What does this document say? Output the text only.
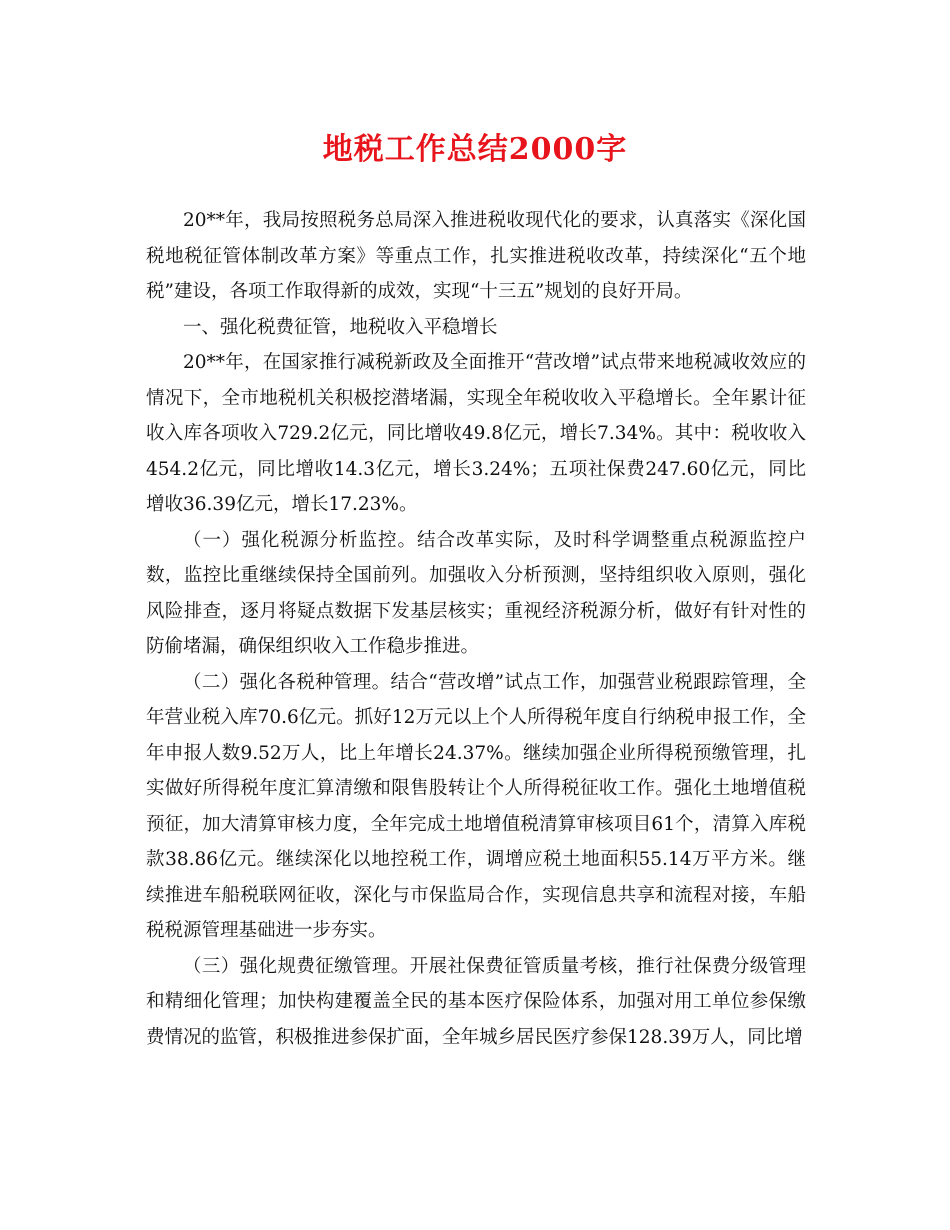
地税工作总结2000字

20**年，我局按照税务总局深入推进税收现代化的要求，认真落实《深化国税地税征管体制改革方案》等重点工作，扎实推进税收改革，持续深化“五个地税”建设，各项工作取得新的成效，实现“十三五”规划的良好开局。

一、强化税费征管，地税收入平稳增长

20**年，在国家推行减税新政及全面推开“营改增”试点带来地税减收效应的情况下，全市地税机关积极挖潜堵漏，实现全年税收收入平稳增长。全年累计征收入库各项收入729.2亿元，同比增收49.8亿元，增长7.34%。其中：税收收入454.2亿元，同比增收14.3亿元，增长3.24%；五项社保费247.60亿元，同比增收36.39亿元，增长17.23%。

（一）强化税源分析监控。结合改革实际，及时科学调整重点税源监控户数，监控比重继续保持全国前列。加强收入分析预测，坚持组织收入原则，强化风险排查，逐月将疑点数据下发基层核实；重视经济税源分析，做好有针对性的防偷堵漏，确保组织收入工作稳步推进。

（二）强化各税种管理。结合“营改增”试点工作，加强营业税跟踪管理，全年营业税入库70.6亿元。抓好12万元以上个人所得税年度自行纳税申报工作，全年申报人数9.52万人，比上年增长24.37%。继续加强企业所得税预缴管理，扎实做好所得税年度汇算清缴和限售股转让个人所得税征收工作。强化土地增值税预征，加大清算审核力度，全年完成土地增值税清算审核项目61个，清算入库税款38.86亿元。继续深化以地控税工作，调增应税土地面积55.14万平方米。继续推进车船税联网征收，深化与市保监局合作，实现信息共享和流程对接，车船税税源管理基础进一步夯实。

（三）强化规费征缴管理。开展社保费征管质量考核，推行社保费分级管理和精细化管理；加快构建覆盖全民的基本医疗保险体系，加强对用工单位参保缴费情况的监管，积极推进参保扩面，全年城乡居民医疗参保128.39万人，同比增
